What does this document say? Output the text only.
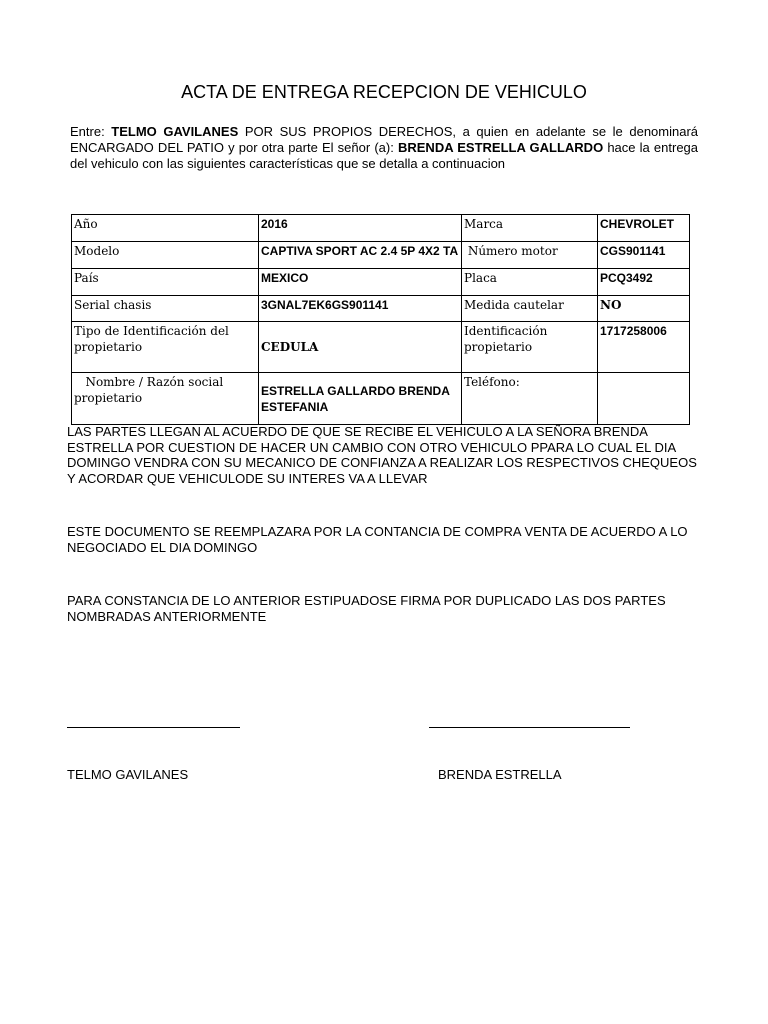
ACTA DE ENTREGA RECEPCION DE VEHICULO

Entre: TELMO GAVILANES POR SUS PROPIOS DERECHOS, a quien en adelante se le denominará ENCARGADO DEL PATIO y por otra parte El señor (a): BRENDA ESTRELLA GALLARDO hace la entrega del vehiculo con las siguientes características que se detalla a continuacion

Año	2016	Marca	CHEVROLET
Modelo	CAPTIVA SPORT AC 2.4 5P 4X2 TA	Número motor	CGS901141
País	MEXICO	Placa	PCQ3492
Serial chasis	3GNAL7EK6GS901141	Medida cautelar	NO
Tipo de Identificación del propietario	CEDULA	Identificación propietario	1717258006
Nombre / Razón social propietario	ESTRELLA GALLARDO BRENDA ESTEFANIA	Teléfono:	

LAS PARTES LLEGAN AL ACUERDO DE QUE SE RECIBE EL VEHICULO A LA SEÑORA BRENDA ESTRELLA POR CUESTION DE HACER UN CAMBIO CON OTRO VEHICULO PPARA LO CUAL EL DIA DOMINGO VENDRA CON SU MECANICO DE CONFIANZA A REALIZAR LOS RESPECTIVOS CHEQUEOS Y ACORDAR QUE VEHICULODE SU INTERES VA A LLEVAR

ESTE DOCUMENTO SE REEMPLAZARA POR LA CONTANCIA DE COMPRA VENTA DE ACUERDO A LO NEGOCIADO EL DIA DOMINGO

PARA CONSTANCIA DE LO ANTERIOR ESTIPUADOSE FIRMA POR DUPLICADO LAS DOS PARTES NOMBRADAS ANTERIORMENTE

TELMO GAVILANES	BRENDA ESTRELLA
